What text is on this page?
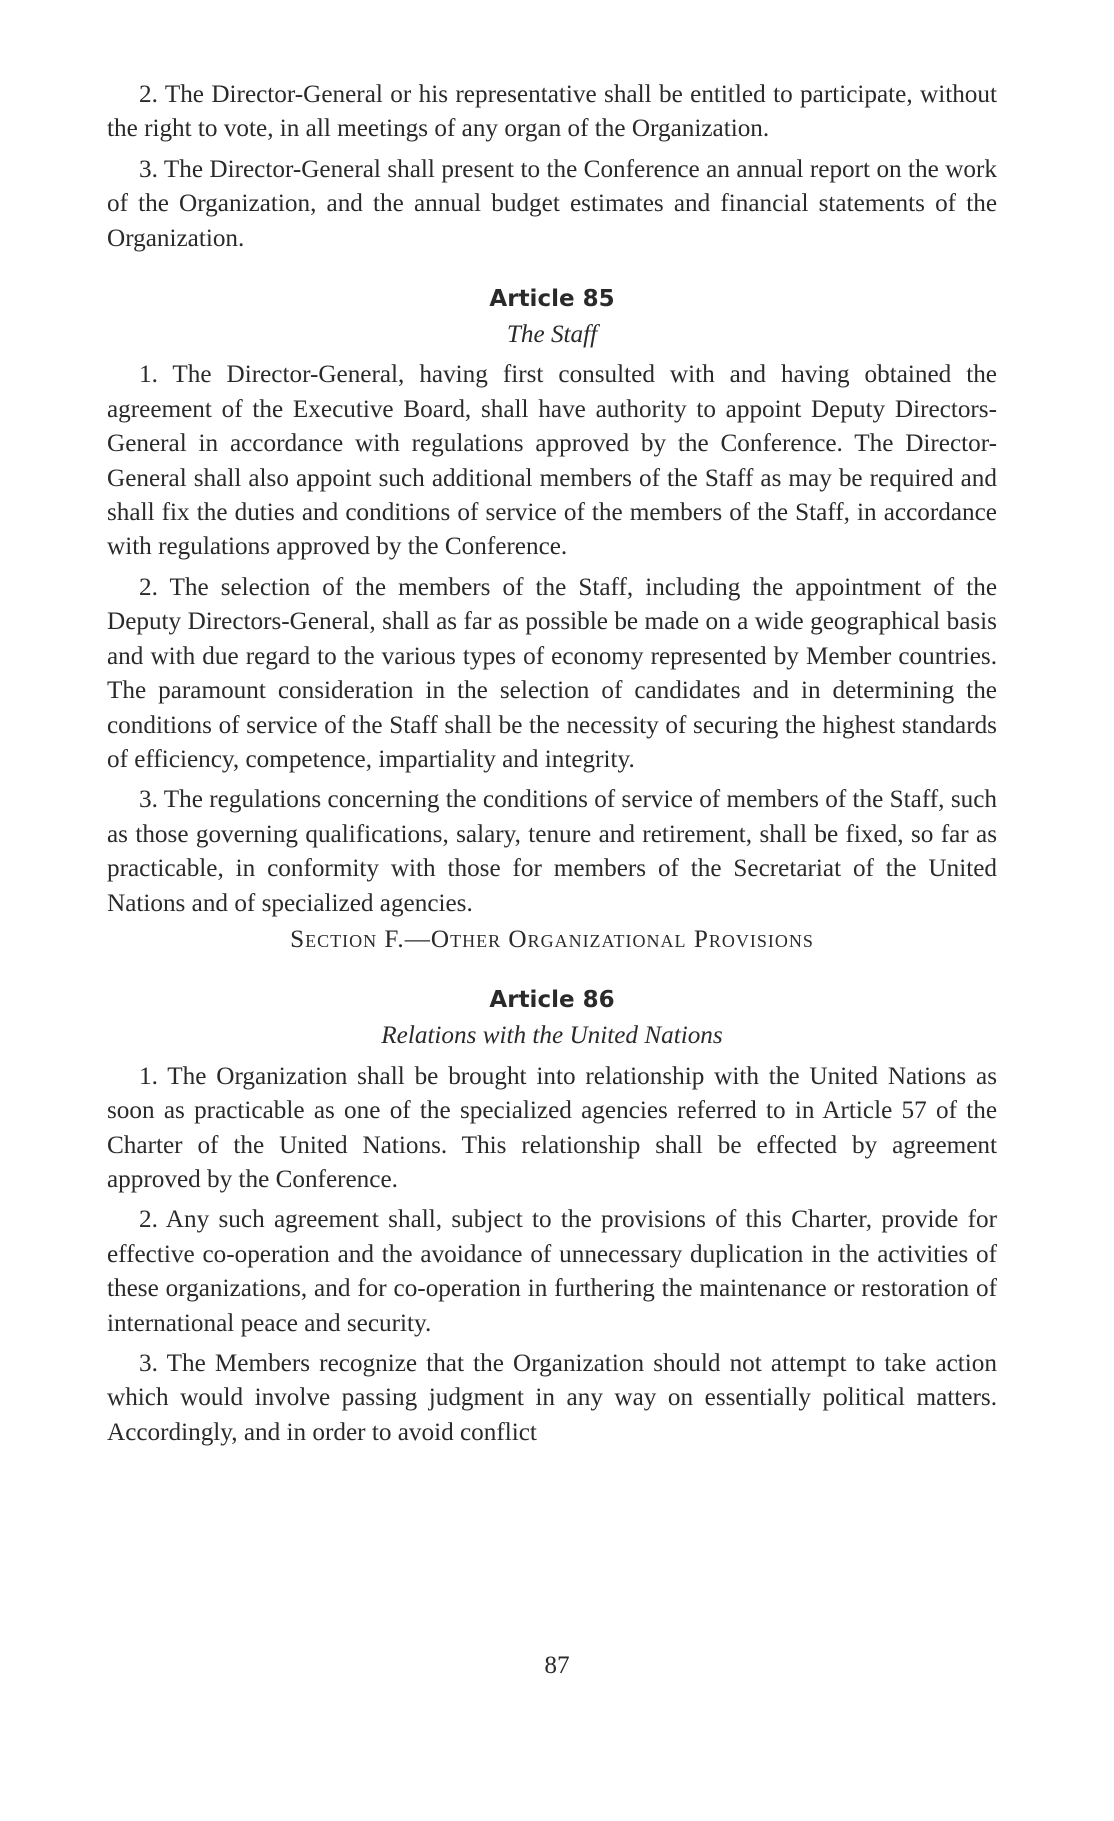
2. The Director-General or his representative shall be entitled to participate, without the right to vote, in all meetings of any organ of the Organization.

3. The Director-General shall present to the Conference an annual report on the work of the Organization, and the annual budget estimates and financial statements of the Organization.

Article 85
The Staff

1. The Director-General, having first consulted with and having obtained the agreement of the Executive Board, shall have authority to appoint Deputy Directors-General in accordance with regulations approved by the Conference. The Director-General shall also appoint such additional members of the Staff as may be required and shall fix the duties and conditions of service of the members of the Staff, in accordance with regulations approved by the Conference.

2. The selection of the members of the Staff, including the appointment of the Deputy Directors-General, shall as far as possible be made on a wide geographical basis and with due regard to the various types of economy represented by Member countries. The paramount consideration in the selection of candidates and in determining the conditions of service of the Staff shall be the necessity of securing the highest standards of efficiency, competence, impartiality and integrity.

3. The regulations concerning the conditions of service of members of the Staff, such as those governing qualifications, salary, tenure and retirement, shall be fixed, so far as practicable, in conformity with those for members of the Secretariat of the United Nations and of specialized agencies.

Section F.—Other Organizational Provisions
Article 86
Relations with the United Nations

1. The Organization shall be brought into relationship with the United Nations as soon as practicable as one of the specialized agencies referred to in Article 57 of the Charter of the United Nations. This relationship shall be effected by agreement approved by the Conference.

2. Any such agreement shall, subject to the provisions of this Charter, provide for effective co-operation and the avoidance of unnecessary duplication in the activities of these organizations, and for co-operation in furthering the maintenance or restoration of international peace and security.

3. The Members recognize that the Organization should not attempt to take action which would involve passing judgment in any way on essentially political matters. Accordingly, and in order to avoid conflict

87
